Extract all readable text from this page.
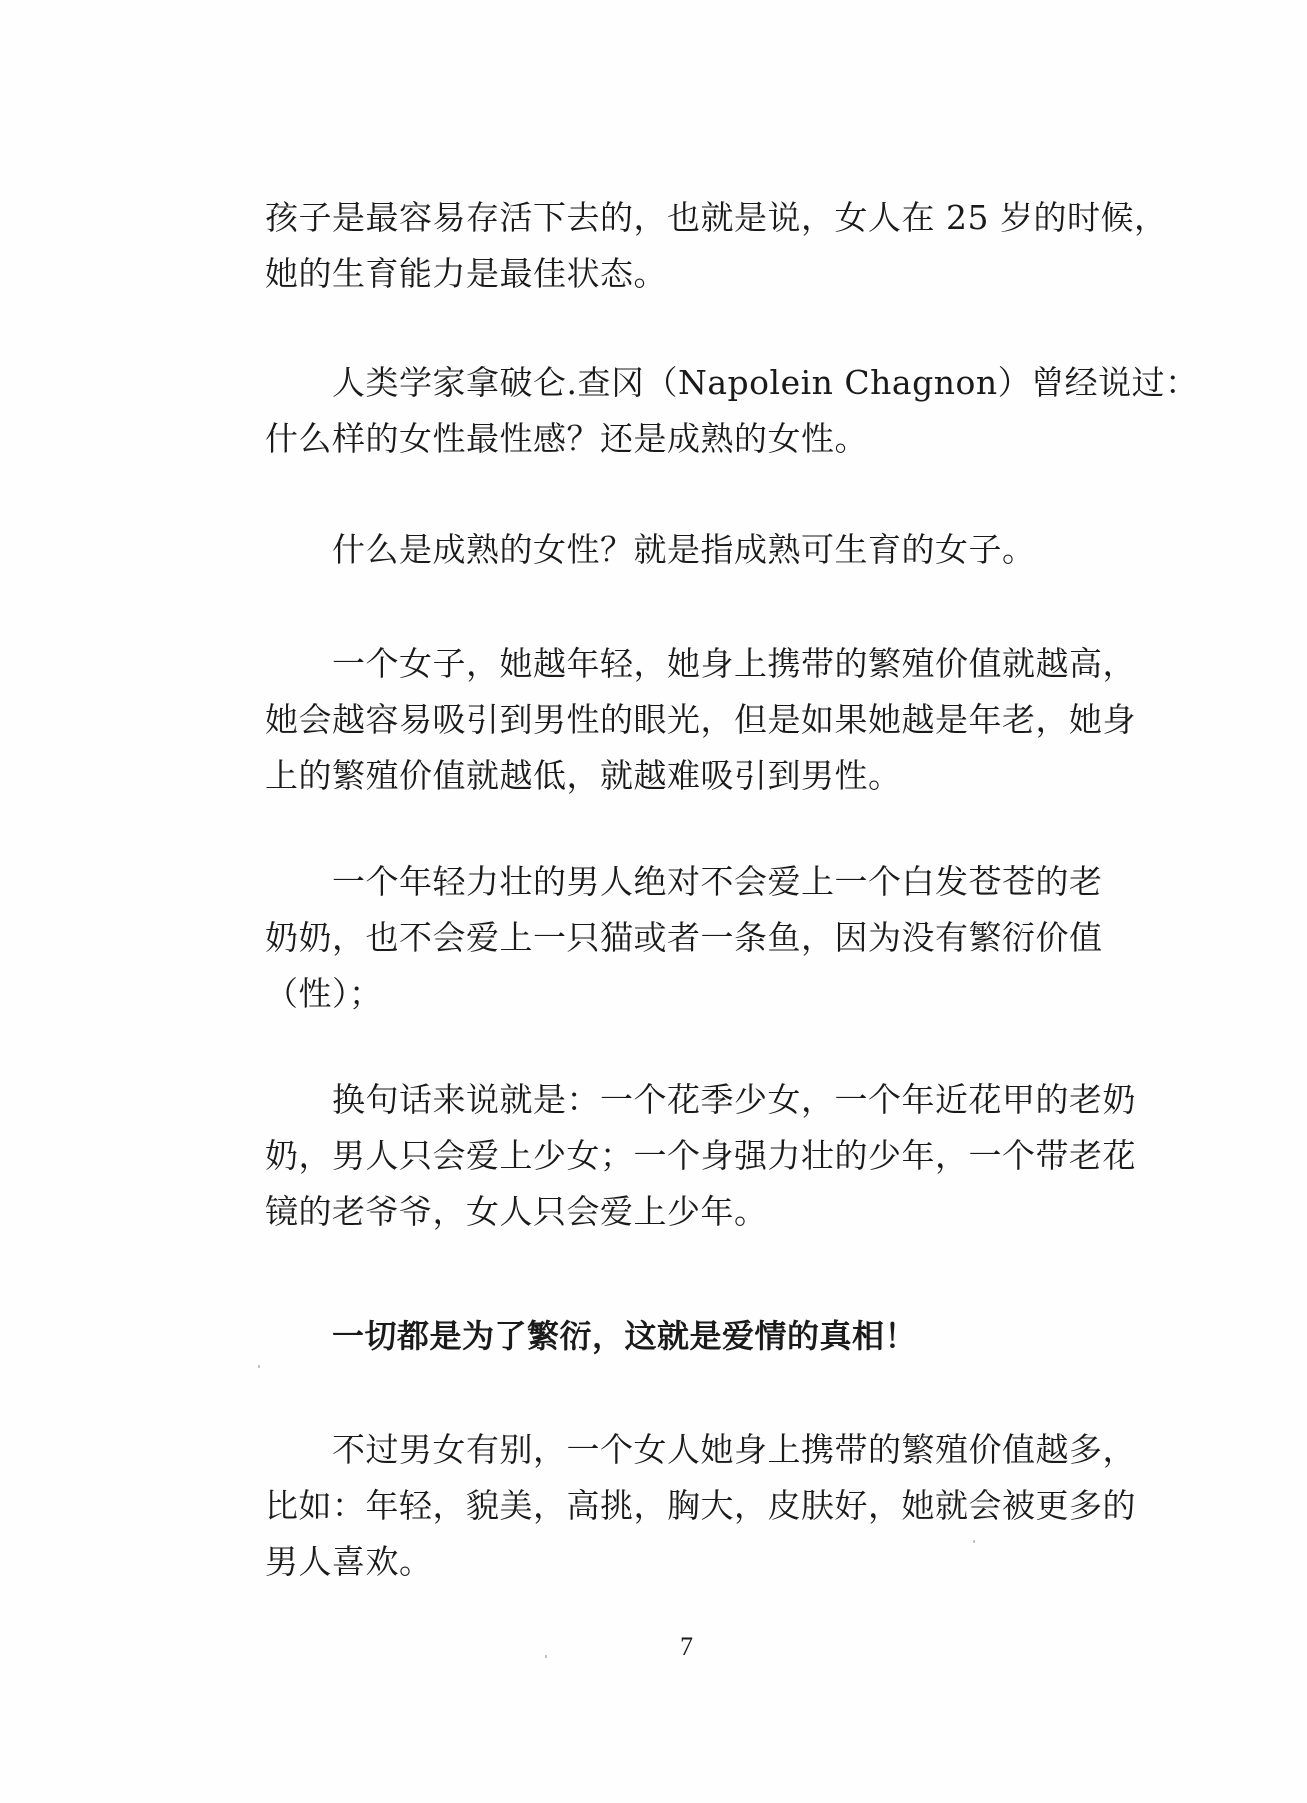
孩子是最容易存活下去的，也就是说，女人在 25 岁的时候，
她的生育能力是最佳状态。
人类学家拿破仑.查冈（Napolein Chagnon）曾经说过：
什么样的女性最性感？还是成熟的女性。
什么是成熟的女性？就是指成熟可生育的女子。
一个女子，她越年轻，她身上携带的繁殖价值就越高，
她会越容易吸引到男性的眼光，但是如果她越是年老，她身
上的繁殖价值就越低，就越难吸引到男性。
一个年轻力壮的男人绝对不会爱上一个白发苍苍的老
奶奶，也不会爱上一只猫或者一条鱼，因为没有繁衍价值
（性）；
换句话来说就是：一个花季少女，一个年近花甲的老奶
奶，男人只会爱上少女；一个身强力壮的少年，一个带老花
镜的老爷爷，女人只会爱上少年。
一切都是为了繁衍，这就是爱情的真相！
不过男女有别，一个女人她身上携带的繁殖价值越多，
比如：年轻，貌美，高挑，胸大，皮肤好，她就会被更多的
男人喜欢。
7
